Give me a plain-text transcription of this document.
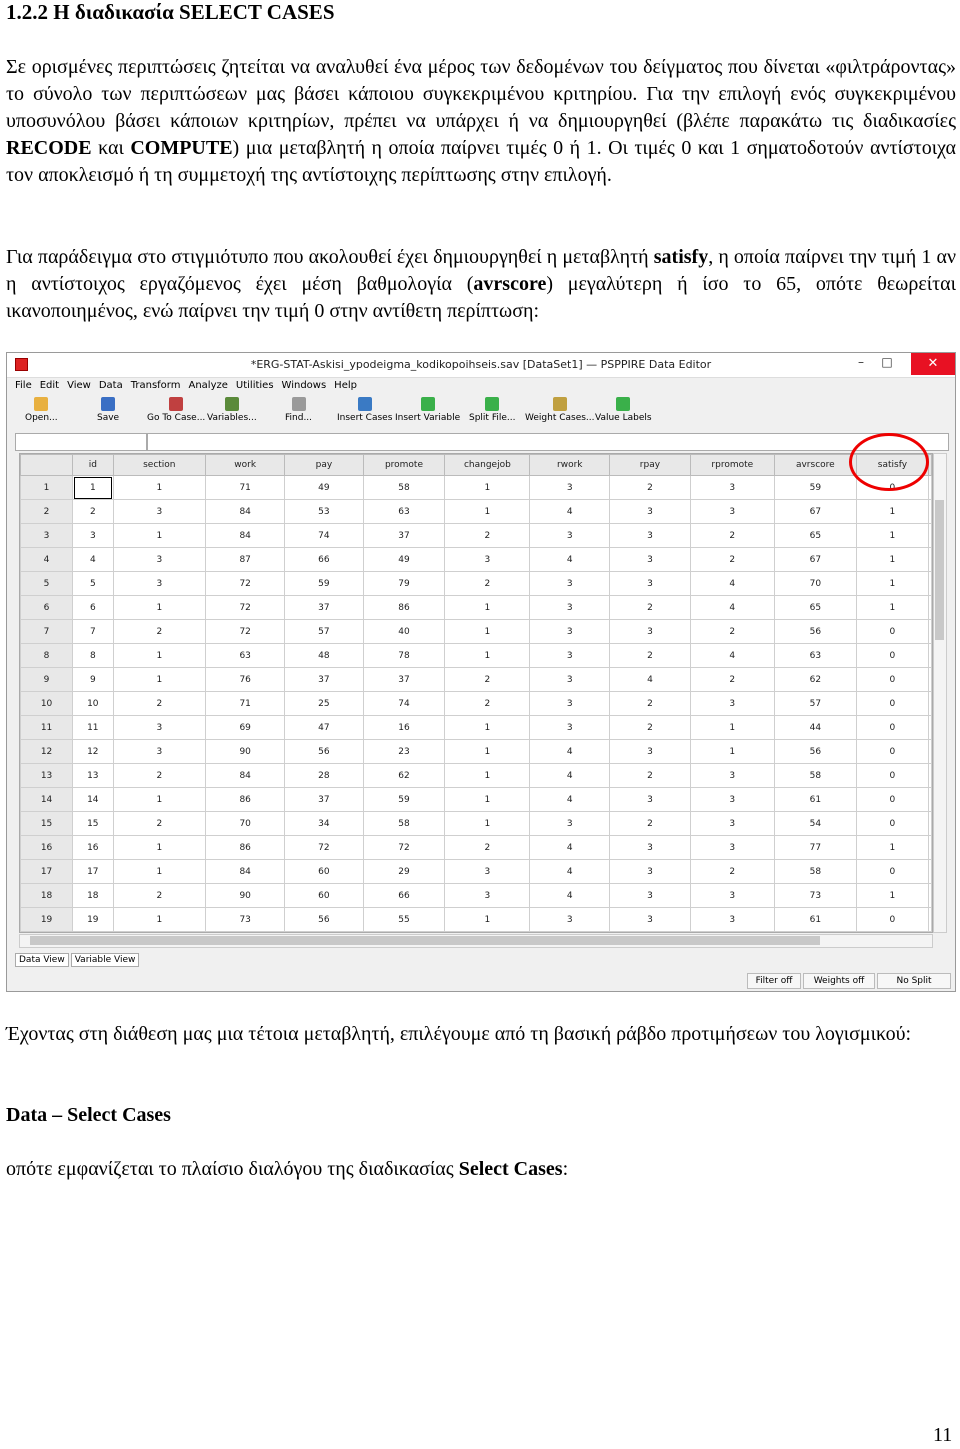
1.2.2 Η διαδικασία SELECT CASES

Σε ορισμένες περιπτώσεις ζητείται να αναλυθεί ένα μέρος των δεδομένων του δείγματος που δίνεται «φιλτράροντας» το σύνολο των περιπτώσεων μας βάσει κάποιου συγκεκριμένου κριτηρίου. Για την επιλογή ενός συγκεκριμένου υποσυνόλου βάσει κάποιων κριτηρίων, πρέπει να υπάρχει ή να δημιουργηθεί (βλέπε παρακάτω τις διαδικασίες RECODE και COMPUTE) μια μεταβλητή η οποία παίρνει τιμές 0 ή 1. Οι τιμές 0 και 1 σηματοδοτούν αντίστοιχα τον αποκλεισμό ή τη συμμετοχή της αντίστοιχης περίπτωσης στην επιλογή.

Για παράδειγμα στο στιγμιότυπο που ακολουθεί έχει δημιουργηθεί η μεταβλητή satisfy, η οποία παίρνει την τιμή 1 αν η αντίστοιχος εργαζόμενος έχει μέση βαθμολογία (avrscore) μεγαλύτερη ή ίσο το 65, οπότε θεωρείται ικανοποιημένος, ενώ παίρνει την τιμή 0 στην αντίθετη περίπτωση:

*ERG-STAT-Askisi_ypodeigma_kodikopoihseis.sav [DataSet1] — PSPPIRE Data Editor	–	□	✕
File Edit View Data Transform Analyze Utilities Windows Help
Open...	Save	Go To Case... Variables...	Find...	Insert Cases Insert Variable Split File... Weight Cases... Value Labels
	id	section	work	pay	promote	changejob	rwork	rpay	rpromote	avrscore	satisfy	
1	1	1	71	49	58	1	3	2	3	59	0	
2	2	3	84	53	63	1	4	3	3	67	1	
3	3	1	84	74	37	2	3	3	2	65	1	
4	4	3	87	66	49	3	4	3	2	67	1	
5	5	3	72	59	79	2	3	3	4	70	1	
6	6	1	72	37	86	1	3	2	4	65	1	
7	7	2	72	57	40	1	3	3	2	56	0	
8	8	1	63	48	78	1	3	2	4	63	0	
9	9	1	76	37	37	2	3	4	2	62	0	
10	10	2	71	25	74	2	3	2	3	57	0	
11	11	3	69	47	16	1	3	2	1	44	0	
12	12	3	90	56	23	1	4	3	1	56	0	
13	13	2	84	28	62	1	4	2	3	58	0	
14	14	1	86	37	59	1	4	3	3	61	0	
15	15	2	70	34	58	1	3	2	3	54	0	
16	16	1	86	72	72	2	4	3	3	77	1	
17	17	1	84	60	29	3	4	3	2	58	0	
18	18	2	90	60	66	3	4	3	3	73	1	
19	19	1	73	56	55	1	3	3	3	61	0	
Data View Variable View
Filter off	Weights off	No Split

Έχοντας στη διάθεση μας μια τέτοια μεταβλητή, επιλέγουμε από τη βασική ράβδο προτιμήσεων του λογισμικού:

Data – Select Cases

οπότε εμφανίζεται το πλαίσιο διαλόγου της διαδικασίας Select Cases:

11
